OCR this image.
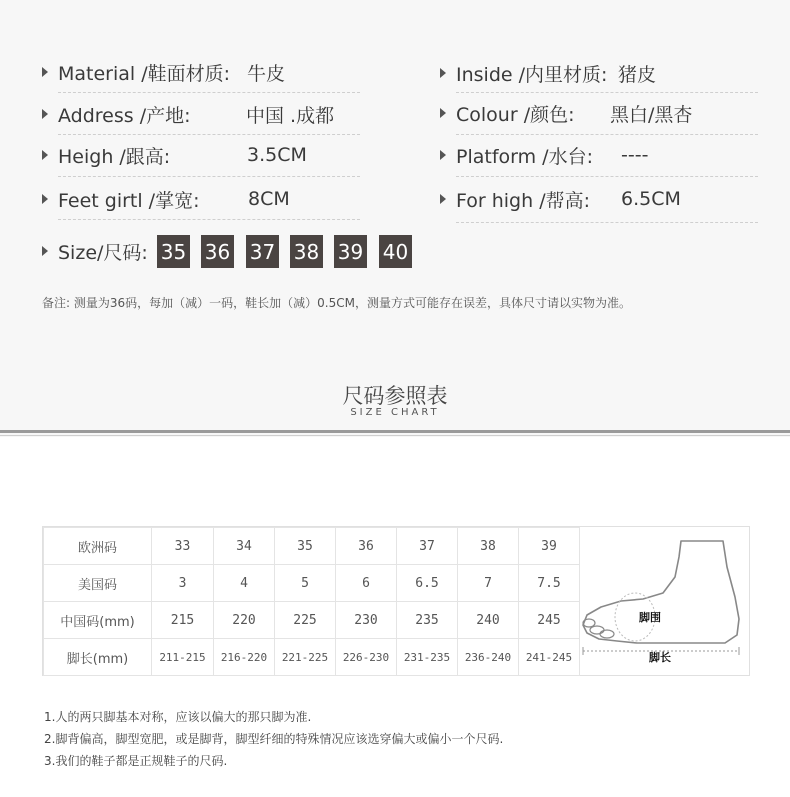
Material /鞋面材质: 牛皮
Address /产地:	中国 .成都
Heigh /跟高:	3.5CM
Feet girtl /掌宽:	8CM
Inside /内里材质: 猪皮
Colour /颜色: 黑白/黑杏
Platform /水台: ----
For high /帮高: 6.5CM
Size/尺码: 35 36 37 38 39 40
备注: 测量为36码，每加（减）一码，鞋长加（减）0.5CM，测量方式可能存在误差，具体尺寸请以实物为准。
尺码参照表
SIZE CHART
欧洲码	33	34	35	36	37	38	39
美国码	3	4	5	6	6.5	7	7.5
中国码(mm)	215	220	225	230	235	240	245
脚长(mm)	211-215	216-220	221-225	226-230	231-235	236-240	241-245
脚围
脚长
1.人的两只脚基本对称，应该以偏大的那只脚为准.
2.脚背偏高，脚型宽肥，或是脚背，脚型纤细的特殊情况应该选穿偏大或偏小一个尺码.
3.我们的鞋子都是正规鞋子的尺码.
